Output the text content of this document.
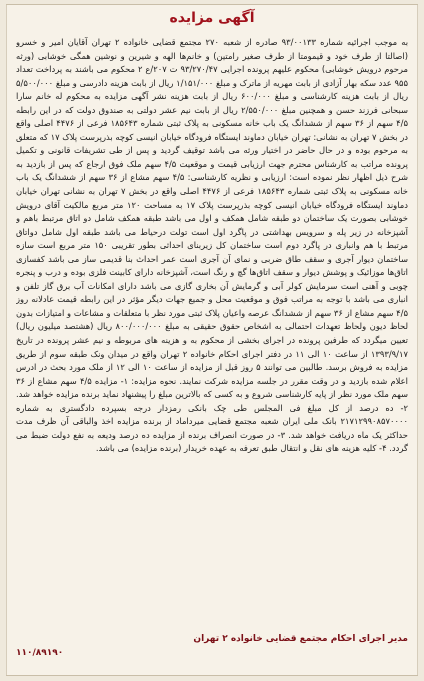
آگهی مزایده
به موجب اجرائیه شماره ۹۳/۰۰۱۳۳ صادره از شعبه ۲۷۰ مجتمع قضایی خانواده ۲ تهران آقایان امیر و خسرو (اصالتا از طرف خود و قیمومتا از طرف صغیر رامتین) و خانم‌ها الهه و شیرین و نوشین همگی خوشابی (ورثه مرحوم درویش خوشابی) محکوم علیهم پرونده اجرایی ۹۳/۲۷۰/۴۷ ت ۲۰۷/ع ۲ محکوم می باشند به پرداخت تعداد ۹۵۵ عدد سکه بهار آزادی از بابت مهریه از ماترک و مبلغ ۱/۱۵۱/۰۰۰ ریال از بابت هزینه دادرسی و مبلغ ۵/۵۰۰/۰۰۰ ریال از بابت هزینه کارشناسی و مبلغ ۶۰۰/۰۰۰ ریال از بابت هزینه نشر آگهی مزایده به محکوم له خانم سارا سبحانی فرزند حسن و همچنین مبلغ ۲/۵۵۰/۰۰۰ ریال از بابت نیم عشر دولتی به صندوق دولت که در این رابطه ۴/۵ سهم از ۳۶ سهم از ششدانگ یک باب خانه مسکونی به پلاک ثبتی شماره ۱۸۵۶۴۳ فرعی از ۴۴۷۶ اصلی واقع در بخش ۷ تهران به نشانی: تهران خیابان دماوند ایستگاه فرودگاه خیابان انیسی کوچه بذرپرست پلاک ۱۷ که متعلق به مرحوم بوده و در حال حاضر در اختیار ورثه می باشد توقیف گردید و پس از طی تشریفات قانونی و تکمیل پرونده مراتب به کارشناس محترم جهت ارزیابی قیمت و موقعیت ۴/۵ سهم ملک فوق ارجاع که پس از بازدید به شرح ذیل اظهار نظر نموده است: ارزیابی و نظریه کارشناسی: ۴/۵ سهم مشاع از ۳۶ سهم از ششدانگ یک باب خانه مسکونی به پلاک ثبتی شماره ۱۸۵۶۴۳ فرعی از ۴۴۷۶ اصلی واقع در بخش ۷ تهران به نشانی تهران خیابان دماوند ایستگاه فرودگاه خیابان انیسی کوچه بذرپرست پلاک ۱۷ به مساحت ۱۲۰ متر مربع مالکیت آقای درویش خوشابی بصورت یک ساختمان دو طبقه شامل همکف و اول می باشد طبقه همکف شامل دو اتاق مرتبط باهم و آشپزخانه در زیر پله و سرویس بهداشتی در پاگرد اول است تولت درحیاط می باشد طبقه اول شامل دواتاق مرتبط با هم وانباری در پاگرد دوم است ساختمان کل زیربنای احداثی بطور تقریبی ۱۵۰ متر مربع است سازه ساختمان دیوار آجری و سقف طاق ضربی و نمای آن آجری است عمر احداث بنا قدیمی ساز می باشد کفسازی اتاق‌ها موزائیک و پوشش دیوار و سقف اتاق‌ها گچ و رنگ است، آشپزخانه دارای کابینت فلزی بوده و درب و پنجره چوبی و آهنی است سرمایش کولر آبی و گرمایش آن بخاری گازی می باشد دارای امکانات آب برق گاز تلفن و انباری می باشد با توجه به مراتب فوق و موقعیت محل و جمیع جهات دیگر مؤثر در این رابطه قیمت عادلانه روز ۴/۵ سهم مشاع از ۳۶ سهم از ششدانگ عرصه واعیان پلاک ثبتی مورد نظر با متعلقات و مشاعات و امتیازات بدون لحاظ دیون ولحاظ تعهدات احتمالی به اشخاص حقوق حقیقی به مبلغ ۸۰۰/۰۰۰/۰۰۰ ریال (هشتصد میلیون ریال) تعیین میگردد که طرفین پرونده در اجرای بخشی از محکوم به و هزینه های مربوطه و نیم عشر پرونده در تاریخ ۱۳۹۳/۹/۱۷ از ساعت ۱۰ الی ۱۱ در دفتر اجرای احکام خانواده ۲ تهران واقع در میدان ونک طبقه سوم از طریق مزایده به فروش برسد. طالبین می توانند ۵ روز قبل از مزایده از ساعت ۱۰ الی ۱۲ از ملک مورد بحث در ادرس اعلام شده بازدید و در وقت مقرر در جلسه مزایده شرکت نمایند. نحوه مزایده: ۱- مزایده ۴/۵ سهم مشاع از ۳۶ سهم ملک مورد نظر از پایه کارشناسی شروع و به کسی که بالاترین مبلغ را پیشنهاد نماید برنده مزایده خواهد شد. ۲- ده درصد از کل مبلغ فی المجلس طی چک بانکی رمزدار درجه بسپرده دادگستری به شماره ۲۱۷۱۲۹۹۰۸۵۷۰۰۰۰ بانک ملی ایران شعبه مجتمع قضایی میرداماد از برنده مزایده اخذ والباقی آن ظرف مدت حداکثر یک ماه دریافت خواهد شد. ۳- در صورت انصراف برنده از مزایده ده درصد ودیعه به نفع دولت ضبط می گردد. ۴- کلیه هزینه های نقل و انتقال طبق تعرفه به عهده خریدار (برنده مزایده) می باشد.
مدیر اجرای احکام مجتمع قضایی خانواده ۲ تهران
۱۱۰/۸۹۱۹۰
